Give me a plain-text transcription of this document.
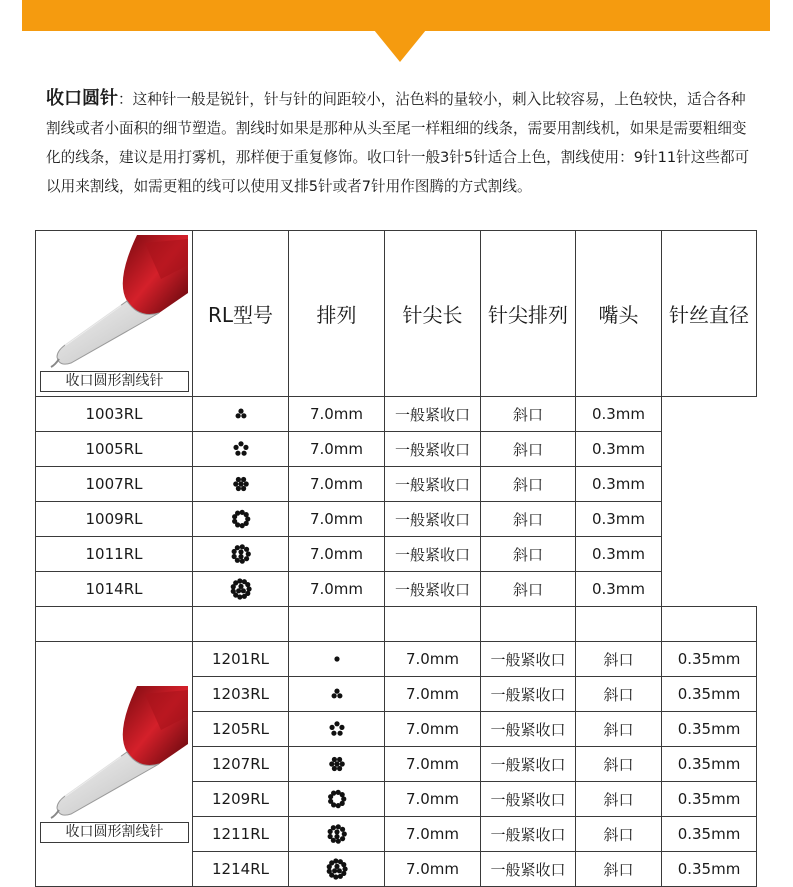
收口圆针：这种针一般是锐针，针与针的间距较小，沾色料的量较小，刺入比较容易，上色较快，适合各种割线或者小面积的细节塑造。割线时如果是那种从头至尾一样粗细的线条，需要用割线机，如果是需要粗细变化的线条，建议是用打雾机，那样便于重复修饰。收口针一般3针5针适合上色，割线使用：9针11针这些都可以用来割线，如需更粗的线可以使用叉排5针或者7针用作图腾的方式割线。

收口圆形割线针	RL型号	排列	针尖长	针尖排列	嘴头	针丝直径
1003RL		7.0mm	一般紧收口	斜口	0.3mm	
1005RL		7.0mm	一般紧收口	斜口	0.3mm	
1007RL		7.0mm	一般紧收口	斜口	0.3mm	
1009RL		7.0mm	一般紧收口	斜口	0.3mm	
1011RL		7.0mm	一般紧收口	斜口	0.3mm	
1014RL		7.0mm	一般紧收口	斜口	0.3mm	

收口圆形割线针	1201RL		7.0mm	一般紧收口	斜口	0.35mm
	1203RL		7.0mm	一般紧收口	斜口	0.35mm
	1205RL		7.0mm	一般紧收口	斜口	0.35mm
	1207RL		7.0mm	一般紧收口	斜口	0.35mm
	1209RL		7.0mm	一般紧收口	斜口	0.35mm
	1211RL		7.0mm	一般紧收口	斜口	0.35mm
	1214RL		7.0mm	一般紧收口	斜口	0.35mm
